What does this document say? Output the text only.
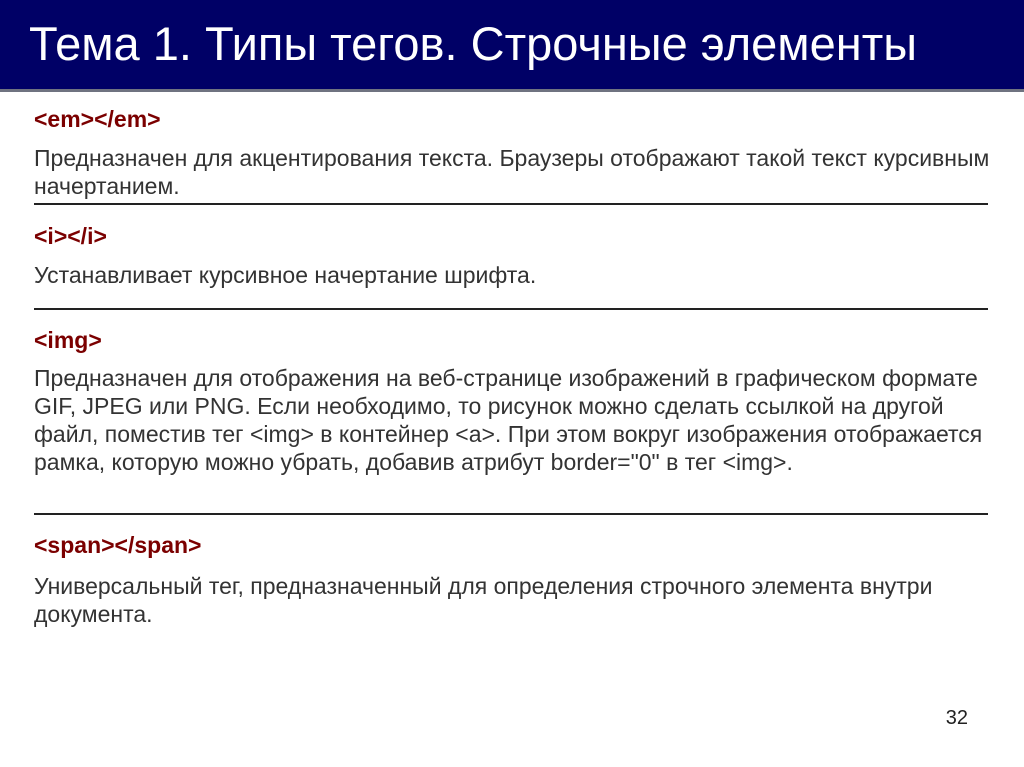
Тема 1. Типы тегов. Строчные элементы
<em></em>
Предназначен для акцентирования текста. Браузеры отображают такой текст курсивным начертанием.
<i></i>
Устанавливает курсивное начертание шрифта.
<img>
Предназначен для отображения на веб-странице изображений в графическом формате GIF, JPEG или PNG. Если необходимо, то рисунок можно сделать ссылкой на другой файл, поместив тег <img> в контейнер <a>. При этом вокруг изображения отображается рамка, которую можно убрать, добавив атрибут border="0" в тег <img>.
<span></span>
Универсальный тег, предназначенный для определения строчного элемента внутри документа.
32
